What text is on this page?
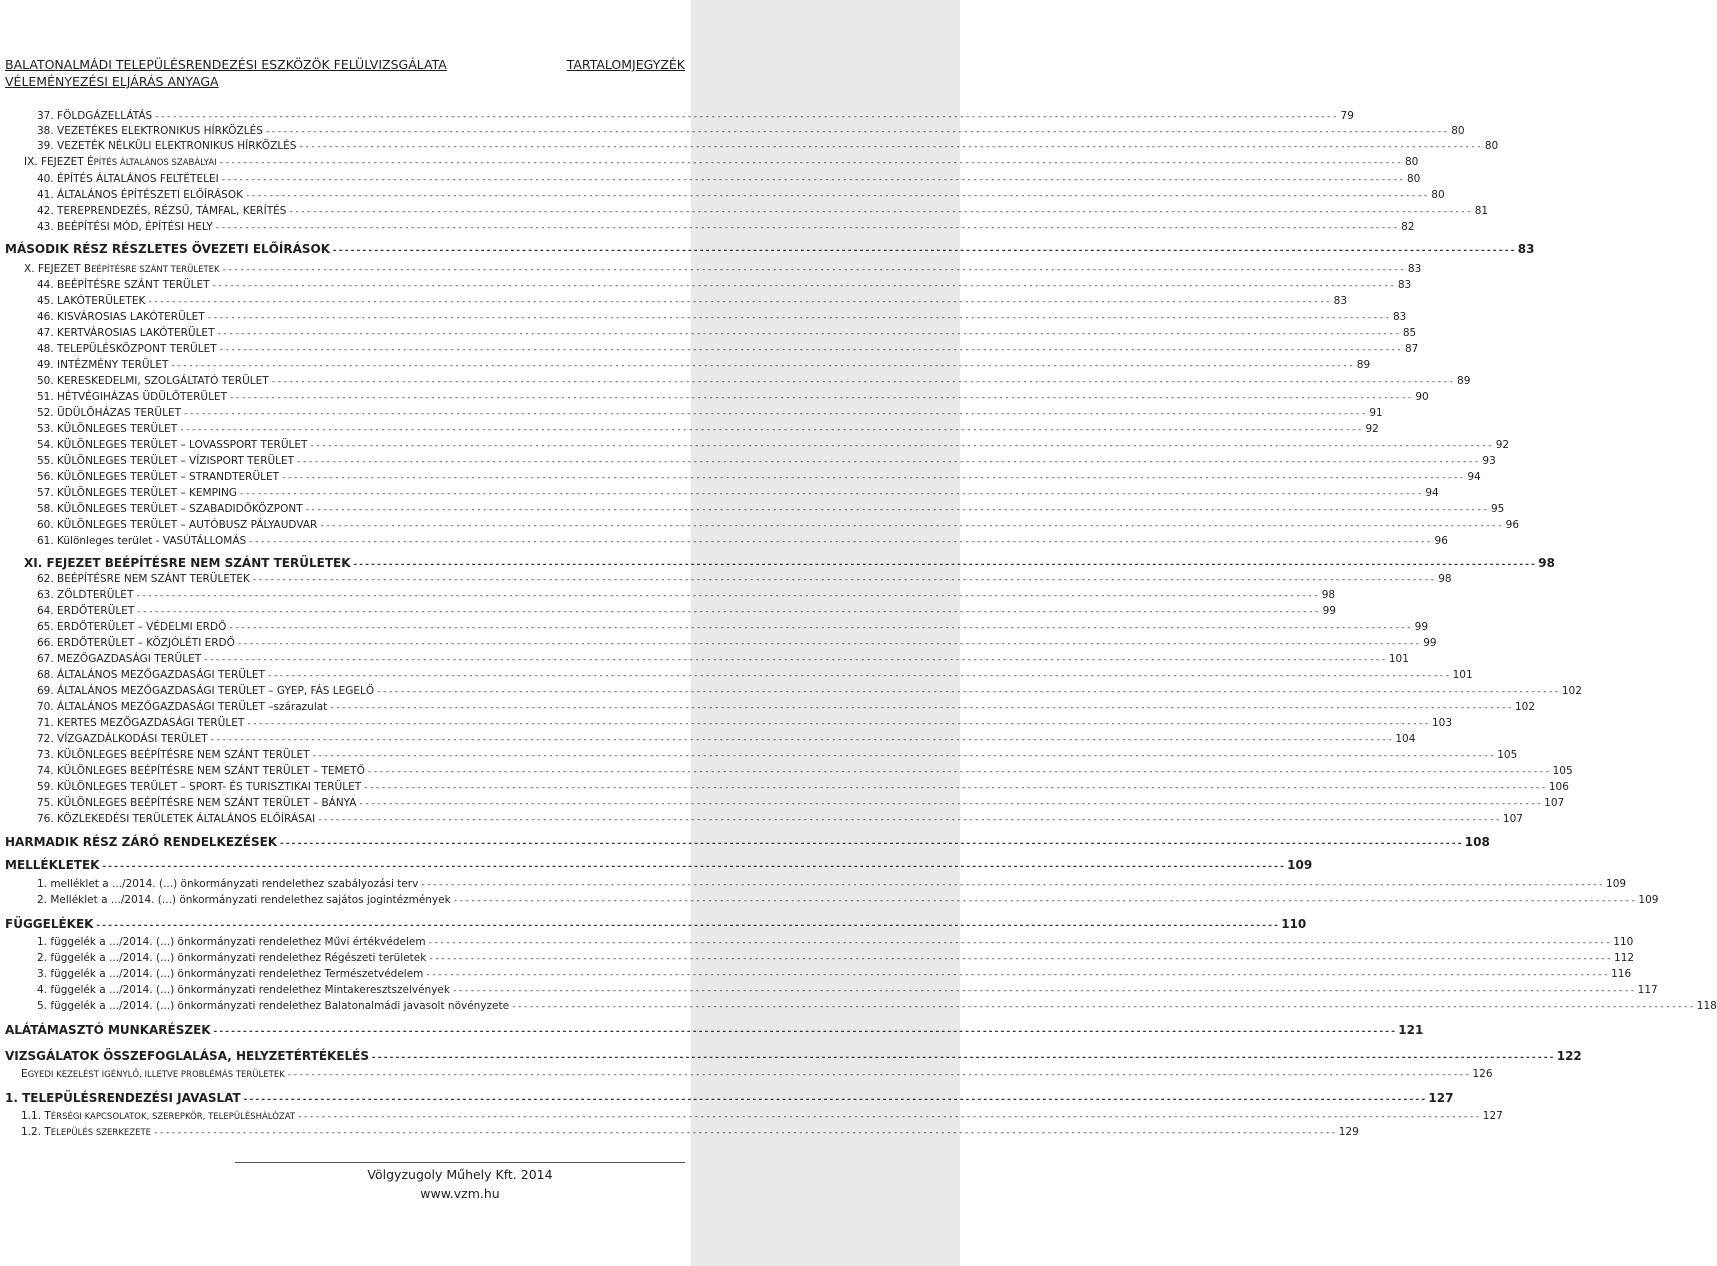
BALATONALMÁDI TELEPÜLÉSRENDEZÉSI ESZKÖZÖK FELÜLVIZSGÁLATA
VÉLEMÉNYEZÉSI ELJÁRÁS ANYAGA
TARTALOMJEGYZÉK
37. FÖLDGÁZELLÁTÁS -------------------------------------------------------------------------------------------------------------------------------------------------------------------------------------------------------- 79
38. VEZETÉKES ELEKTRONIKUS HÍRKÖZLÉS -------------------------------------------------------------------------------------------------------------------------------------------------------------------------------------------------------- 80
39. VEZETÉK NÉLKÜLI ELEKTRONIKUS HÍRKÖZLÉS -------------------------------------------------------------------------------------------------------------------------------------------------------------------------------------------------------- 80
IX. FEJEZET ÉPÍTÉS ÁLTALÁNOS SZABÁLYAI -------------------------------------------------------------------------------------------------------------------------------------------------------------------------------------------------------- 80
40. ÉPÍTÉS ÁLTALÁNOS FELTÉTELEI -------------------------------------------------------------------------------------------------------------------------------------------------------------------------------------------------------- 80
41. ÁLTALÁNOS ÉPÍTÉSZETI ELŐÍRÁSOK -------------------------------------------------------------------------------------------------------------------------------------------------------------------------------------------------------- 80
42. TEREPRENDEZÉS, RÉZSŰ, TÁMFAL, KERÍTÉS -------------------------------------------------------------------------------------------------------------------------------------------------------------------------------------------------------- 81
43. BEÉPÍTÉSI MÓD, ÉPÍTÉSI HELY -------------------------------------------------------------------------------------------------------------------------------------------------------------------------------------------------------- 82
MÁSODIK RÉSZ RÉSZLETES ÖVEZETI ELŐÍRÁSOK -------------------------------------------------------------------------------------------------------------------------------------------------------------------------------------------------------- 83
X. FEJEZET BEÉPÍTÉSRE SZÁNT TERÜLETEK -------------------------------------------------------------------------------------------------------------------------------------------------------------------------------------------------------- 83
44. BEÉPÍTÉSRE SZÁNT TERÜLET -------------------------------------------------------------------------------------------------------------------------------------------------------------------------------------------------------- 83
45. LAKÓTERÜLETEK -------------------------------------------------------------------------------------------------------------------------------------------------------------------------------------------------------- 83
46. KISVÁROSIAS LAKÓTERÜLET -------------------------------------------------------------------------------------------------------------------------------------------------------------------------------------------------------- 83
47. KERTVÁROSIAS LAKÓTERÜLET -------------------------------------------------------------------------------------------------------------------------------------------------------------------------------------------------------- 85
48. TELEPÜLÉSKÖZPONT TERÜLET -------------------------------------------------------------------------------------------------------------------------------------------------------------------------------------------------------- 87
49. INTÉZMÉNY TERÜLET -------------------------------------------------------------------------------------------------------------------------------------------------------------------------------------------------------- 89
50. KERESKEDELMI, SZOLGÁLTATÓ TERÜLET -------------------------------------------------------------------------------------------------------------------------------------------------------------------------------------------------------- 89
51. HÉTVÉGIHÁZAS ÜDÜLŐTERÜLET -------------------------------------------------------------------------------------------------------------------------------------------------------------------------------------------------------- 90
52. ÜDÜLŐHÁZAS TERÜLET -------------------------------------------------------------------------------------------------------------------------------------------------------------------------------------------------------- 91
53. KÜLÖNLEGES TERÜLET -------------------------------------------------------------------------------------------------------------------------------------------------------------------------------------------------------- 92
54. KÜLÖNLEGES TERÜLET – LOVASSPORT TERÜLET -------------------------------------------------------------------------------------------------------------------------------------------------------------------------------------------------------- 92
55. KÜLÖNLEGES TERÜLET – VÍZISPORT TERÜLET -------------------------------------------------------------------------------------------------------------------------------------------------------------------------------------------------------- 93
56. KÜLÖNLEGES TERÜLET – STRANDTERÜLET -------------------------------------------------------------------------------------------------------------------------------------------------------------------------------------------------------- 94
57. KÜLÖNLEGES TERÜLET – KEMPING -------------------------------------------------------------------------------------------------------------------------------------------------------------------------------------------------------- 94
58. KÜLÖNLEGES TERÜLET – SZABADIDŐKÖZPONT -------------------------------------------------------------------------------------------------------------------------------------------------------------------------------------------------------- 95
60. KÜLÖNLEGES TERÜLET – AUTÓBUSZ PÁLYAUDVAR -------------------------------------------------------------------------------------------------------------------------------------------------------------------------------------------------------- 96
61. Különleges terület - VASÚTÁLLOMÁS -------------------------------------------------------------------------------------------------------------------------------------------------------------------------------------------------------- 96
XI. FEJEZET BEÉPÍTÉSRE NEM SZÁNT TERÜLETEK -------------------------------------------------------------------------------------------------------------------------------------------------------------------------------------------------------- 98
62. BEÉPÍTÉSRE NEM SZÁNT TERÜLETEK -------------------------------------------------------------------------------------------------------------------------------------------------------------------------------------------------------- 98
63. ZÖLDTERÜLET -------------------------------------------------------------------------------------------------------------------------------------------------------------------------------------------------------- 98
64. ERDŐTERÜLET -------------------------------------------------------------------------------------------------------------------------------------------------------------------------------------------------------- 99
65. ERDŐTERÜLET – VÉDELMI ERDŐ -------------------------------------------------------------------------------------------------------------------------------------------------------------------------------------------------------- 99
66. ERDŐTERÜLET – KÖZJÓLÉTI ERDŐ -------------------------------------------------------------------------------------------------------------------------------------------------------------------------------------------------------- 99
67. MEZŐGAZDASÁGI TERÜLET -------------------------------------------------------------------------------------------------------------------------------------------------------------------------------------------------------- 101
68. ÁLTALÁNOS MEZŐGAZDASÁGI TERÜLET -------------------------------------------------------------------------------------------------------------------------------------------------------------------------------------------------------- 101
69. ÁLTALÁNOS MEZŐGAZDASÁGI TERÜLET – GYEP, FÁS LEGELŐ -------------------------------------------------------------------------------------------------------------------------------------------------------------------------------------------------------- 102
70. ÁLTALÁNOS MEZŐGAZDASÁGI TERÜLET –szárazulat -------------------------------------------------------------------------------------------------------------------------------------------------------------------------------------------------------- 102
71. KERTES MEZŐGAZDASÁGI TERÜLET -------------------------------------------------------------------------------------------------------------------------------------------------------------------------------------------------------- 103
72. VÍZGAZDÁLKODÁSI TERÜLET -------------------------------------------------------------------------------------------------------------------------------------------------------------------------------------------------------- 104
73. KÜLÖNLEGES BEÉPÍTÉSRE NEM SZÁNT TERÜLET -------------------------------------------------------------------------------------------------------------------------------------------------------------------------------------------------------- 105
74. KÜLÖNLEGES BEÉPÍTÉSRE NEM SZÁNT TERÜLET – TEMETŐ -------------------------------------------------------------------------------------------------------------------------------------------------------------------------------------------------------- 105
59. KÜLÖNLEGES TERÜLET – SPORT- ÉS TURISZTIKAI TERÜLET -------------------------------------------------------------------------------------------------------------------------------------------------------------------------------------------------------- 106
75. KÜLÖNLEGES BEÉPÍTÉSRE NEM SZÁNT TERÜLET – BÁNYA -------------------------------------------------------------------------------------------------------------------------------------------------------------------------------------------------------- 107
76. KÖZLEKEDÉSI TERÜLETEK ÁLTALÁNOS ELŐÍRÁSAI -------------------------------------------------------------------------------------------------------------------------------------------------------------------------------------------------------- 107
HARMADIK RÉSZ ZÁRÓ RENDELKEZÉSEK -------------------------------------------------------------------------------------------------------------------------------------------------------------------------------------------------------- 108
MELLÉKLETEK -------------------------------------------------------------------------------------------------------------------------------------------------------------------------------------------------------- 109
1. melléklet a .../2014. (...) önkormányzati rendelethez szabályozási terv -------------------------------------------------------------------------------------------------------------------------------------------------------------------------------------------------------- 109
2. Melléklet a .../2014. (...) önkormányzati rendelethez sajátos jogintézmények -------------------------------------------------------------------------------------------------------------------------------------------------------------------------------------------------------- 109
FÜGGELÉKEK -------------------------------------------------------------------------------------------------------------------------------------------------------------------------------------------------------- 110
1. függelék a .../2014. (...) önkormányzati rendelethez Művi értékvédelem -------------------------------------------------------------------------------------------------------------------------------------------------------------------------------------------------------- 110
2. függelék a .../2014. (...) önkormányzati rendelethez Régészeti területek -------------------------------------------------------------------------------------------------------------------------------------------------------------------------------------------------------- 112
3. függelék a .../2014. (...) önkormányzati rendelethez Természetvédelem -------------------------------------------------------------------------------------------------------------------------------------------------------------------------------------------------------- 116
4. függelék a .../2014. (...) önkormányzati rendelethez Mintakeresztszelvények -------------------------------------------------------------------------------------------------------------------------------------------------------------------------------------------------------- 117
5. függelék a .../2014. (...) önkormányzati rendelethez Balatonalmádi javasolt növényzete -------------------------------------------------------------------------------------------------------------------------------------------------------------------------------------------------------- 118
ALÁTÁMASZTÓ MUNKARÉSZEK -------------------------------------------------------------------------------------------------------------------------------------------------------------------------------------------------------- 121
VIZSGÁLATOK ÖSSZEFOGLALÁSA, HELYZETÉRTÉKELÉS -------------------------------------------------------------------------------------------------------------------------------------------------------------------------------------------------------- 122
EGYEDI KEZELÉST IGÉNYLŐ, ILLETVE PROBLÉMÁS TERÜLETEK -------------------------------------------------------------------------------------------------------------------------------------------------------------------------------------------------------- 126
1. TELEPÜLÉSRENDEZÉSI JAVASLAT -------------------------------------------------------------------------------------------------------------------------------------------------------------------------------------------------------- 127
1.1. TÉRSÉGI KAPCSOLATOK, SZEREPKÖR, TELEPÜLÉSHÁLÓZAT -------------------------------------------------------------------------------------------------------------------------------------------------------------------------------------------------------- 127
1.2. TELEPÜLÉS SZERKEZETE -------------------------------------------------------------------------------------------------------------------------------------------------------------------------------------------------------- 129
Völgyzugoly Műhely Kft. 2014
www.vzm.hu
